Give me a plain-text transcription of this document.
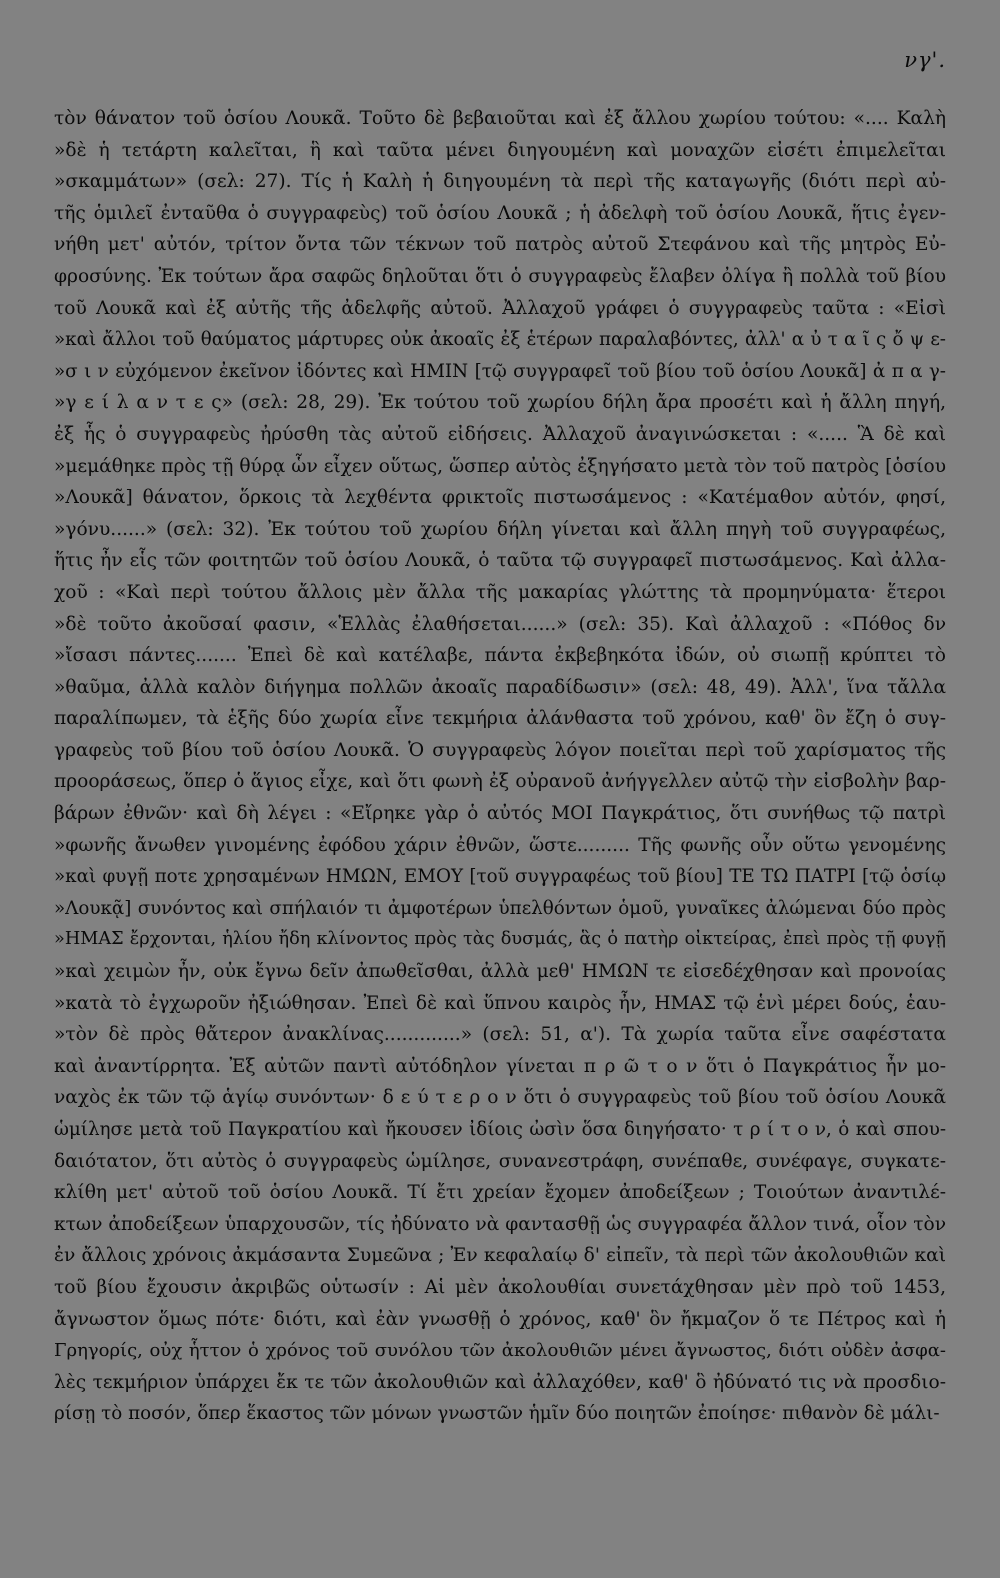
νγ'.
τὸν θάνατον τοῦ ὁσίου Λουκᾶ. Τοῦτο δὲ βεβαιοῦται καὶ ἐξ ἄλλου χωρίου τούτου: «.... Καλὴ
»δὲ ἡ τετάρτη καλεῖται, ἣ καὶ ταῦτα μένει διηγουμένη καὶ μοναχῶν εἰσέτι ἐπιμελεῖται
»σκαμμάτων» (σελ: 27). Τίς ἡ Καλὴ ἡ διηγουμένη τὰ περὶ τῆς καταγωγῆς (διότι περὶ αὐ-
τῆς ὁμιλεῖ ἐνταῦθα ὁ συγγραφεὺς) τοῦ ὁσίου Λουκᾶ ; ἡ ἀδελφὴ τοῦ ὁσίου Λουκᾶ, ἥτις ἐγεν-
νήθη μετ' αὐτόν, τρίτον ὄντα τῶν τέκνων τοῦ πατρὸς αὐτοῦ Στεφάνου καὶ τῆς μητρὸς Εὐ-
φροσύνης. Ἐκ τούτων ἄρα σαφῶς δηλοῦται ὅτι ὁ συγγραφεὺς ἔλαβεν ὀλίγα ἢ πολλὰ τοῦ βίου
τοῦ Λουκᾶ καὶ ἐξ αὐτῆς τῆς ἀδελφῆς αὐτοῦ. Ἀλλαχοῦ γράφει ὁ συγγραφεὺς ταῦτα : «Εἰσὶ
»καὶ ἄλλοι τοῦ θαύματος μάρτυρες οὐκ ἀκοαῖς ἐξ ἑτέρων παραλαβόντες, ἀλλ' α ὐ τ α ῖ ς ὄ ψ ε-
»σ ι ν εὐχόμενον ἐκεῖνον ἰδόντες καὶ ΗΜΙΝ [τῷ συγγραφεῖ τοῦ βίου τοῦ ὁσίου Λουκᾶ] ἀ π α γ-
»γ ε ί λ α ν τ ε ς» (σελ: 28, 29). Ἐκ τούτου τοῦ χωρίου δήλη ἄρα προσέτι καὶ ἡ ἄλλη πηγή,
ἐξ ἧς ὁ συγγραφεὺς ἠρύσθη τὰς αὐτοῦ εἰδήσεις. Ἀλλαχοῦ ἀναγινώσκεται : «..... Ἃ δὲ καὶ
»μεμάθηκε πρὸς τῇ θύρᾳ ὧν εἶχεν οὕτως, ὥσπερ αὐτὸς ἐξηγήσατο μετὰ τὸν τοῦ πατρὸς [ὁσίου
»Λουκᾶ] θάνατον, ὅρκοις τὰ λεχθέντα φρικτοῖς πιστωσάμενος : «Κατέμαθον αὐτόν, φησί,
»γόνυ......» (σελ: 32). Ἐκ τούτου τοῦ χωρίου δήλη γίνεται καὶ ἄλλη πηγὴ τοῦ συγγραφέως,
ἥτις ἦν εἷς τῶν φοιτητῶν τοῦ ὁσίου Λουκᾶ, ὁ ταῦτα τῷ συγγραφεῖ πιστωσάμενος. Καὶ ἀλλα-
χοῦ : «Καὶ περὶ τούτου ἄλλοις μὲν ἄλλα τῆς μακαρίας γλώττης τὰ προμηνύματα· ἕτεροι
»δὲ τοῦτο ἀκοῦσαί φασιν, «Ἑλλὰς ἐλαθήσεται......» (σελ: 35). Καὶ ἀλλαχοῦ : «Πόθος δν
»ἴσασι πάντες....... Ἐπεὶ δὲ καὶ κατέλαβε, πάντα ἐκβεβηκότα ἰδών, οὐ σιωπῇ κρύπτει τὸ
»θαῦμα, ἀλλὰ καλὸν διήγημα πολλῶν ἀκοαῖς παραδίδωσιν» (σελ: 48, 49). Ἀλλ', ἵνα τἄλλα
παραλίπωμεν, τὰ ἑξῆς δύο χωρία εἶνε τεκμήρια ἀλάνθαστα τοῦ χρόνου, καθ' ὃν ἔζη ὁ συγ-
γραφεὺς τοῦ βίου τοῦ ὁσίου Λουκᾶ. Ὁ συγγραφεὺς λόγον ποιεῖται περὶ τοῦ χαρίσματος τῆς
προοράσεως, ὅπερ ὁ ἅγιος εἶχε, καὶ ὅτι φωνὴ ἐξ οὐρανοῦ ἀνήγγελλεν αὐτῷ τὴν εἰσβολὴν βαρ-
βάρων ἐθνῶν· καὶ δὴ λέγει : «Εἴρηκε γὰρ ὁ αὐτός ΜΟΙ Παγκράτιος, ὅτι συνήθως τῷ πατρὶ
»φωνῆς ἄνωθεν γινομένης ἐφόδου χάριν ἐθνῶν, ὥστε......... Τῆς φωνῆς οὖν οὕτω γενομένης
»καὶ φυγῇ ποτε χρησαμένων ΗΜΩΝ, ΕΜΟΥ [τοῦ συγγραφέως τοῦ βίου] ΤΕ ΤΩ ΠΑΤΡΙ [τῷ ὁσίῳ
»Λουκᾷ] συνόντος καὶ σπήλαιόν τι ἀμφοτέρων ὑπελθόντων ὁμοῦ, γυναῖκες ἀλώμεναι δύο πρὸς
»ΗΜΑΣ ἔρχονται, ἡλίου ἤδη κλίνοντος πρὸς τὰς δυσμάς, ἃς ὁ πατὴρ οἰκτείρας, ἐπεὶ πρὸς τῇ φυγῇ
»καὶ χειμὼν ἦν, οὐκ ἔγνω δεῖν ἀπωθεῖσθαι, ἀλλὰ μεθ' ΗΜΩΝ τε εἰσεδέχθησαν καὶ προνοίας
»κατὰ τὸ ἐγχωροῦν ἠξιώθησαν. Ἐπεὶ δὲ καὶ ὕπνου καιρὸς ἦν, ΗΜΑΣ τῷ ἑνὶ μέρει δούς, ἑαυ-
»τὸν δὲ πρὸς θἄτερον ἀνακλίνας.............» (σελ: 51, α'). Τὰ χωρία ταῦτα εἶνε σαφέστατα
καὶ ἀναντίρρητα. Ἐξ αὐτῶν παντὶ αὐτόδηλον γίνεται π ρ ῶ τ ο ν ὅτι ὁ Παγκράτιος ἦν μο-
ναχὸς ἐκ τῶν τῷ ἁγίῳ συνόντων· δ ε ύ τ ε ρ ο ν ὅτι ὁ συγγραφεὺς τοῦ βίου τοῦ ὁσίου Λουκᾶ
ὡμίλησε μετὰ τοῦ Παγκρατίου καὶ ἤκουσεν ἰδίοις ὠσὶν ὅσα διηγήσατο· τ ρ ί τ ο ν, ὁ καὶ σπου-
δαιότατον, ὅτι αὐτὸς ὁ συγγραφεὺς ὡμίλησε, συνανεστράφη, συνέπαθε, συνέφαγε, συγκατε-
κλίθη μετ' αὐτοῦ τοῦ ὁσίου Λουκᾶ. Τί ἔτι χρείαν ἔχομεν ἀποδείξεων ; Τοιούτων ἀναντιλέ-
κτων ἀποδείξεων ὑπαρχουσῶν, τίς ἠδύνατο νὰ φαντασθῇ ὡς συγγραφέα ἄλλον τινά, οἷον τὸν
ἐν ἄλλοις χρόνοις ἀκμάσαντα Συμεῶνα ; Ἐν κεφαλαίῳ δ' εἰπεῖν, τὰ περὶ τῶν ἀκολουθιῶν καὶ
τοῦ βίου ἔχουσιν ἀκριβῶς οὑτωσίν : Αἱ μὲν ἀκολουθίαι συνετάχθησαν μὲν πρὸ τοῦ 1453,
ἄγνωστον ὅμως πότε· διότι, καὶ ἐὰν γνωσθῇ ὁ χρόνος, καθ' ὃν ἤκμαζον ὅ τε Πέτρος καὶ ἡ
Γρηγορίς, οὐχ ἧττον ὁ χρόνος τοῦ συνόλου τῶν ἀκολουθιῶν μένει ἄγνωστος, διότι οὐδὲν ἀσφα-
λὲς τεκμήριον ὑπάρχει ἔκ τε τῶν ἀκολουθιῶν καὶ ἀλλαχόθεν, καθ' ὃ ἠδύνατό τις νὰ προσδιο-
ρίσῃ τὸ ποσόν, ὅπερ ἕκαστος τῶν μόνων γνωστῶν ἡμῖν δύο ποιητῶν ἐποίησε· πιθανὸν δὲ μάλι-
